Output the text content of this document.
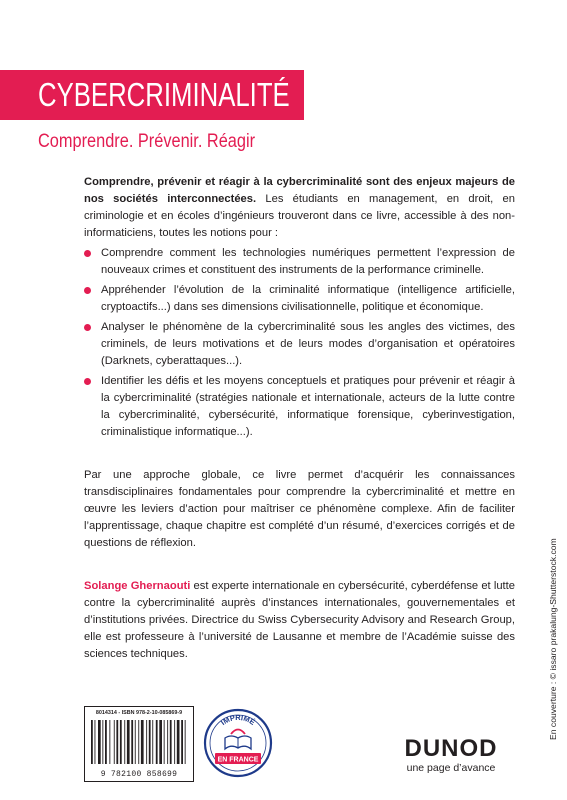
CYBERCRIMINALITÉ
Comprendre. Prévenir. Réagir

Comprendre, prévenir et réagir à la cybercriminalité sont des enjeux majeurs de nos sociétés interconnectées. Les étudiants en management, en droit, en criminologie et en écoles d’ingénieurs trouveront dans ce livre, accessible à des non-informaticiens, toutes les notions pour :

Comprendre comment les technologies numériques permettent l’expression de nouveaux crimes et constituent des instruments de la performance criminelle.
Appréhender l’évolution de la criminalité informatique (intelligence artificielle, cryptoactifs...) dans ses dimensions civilisationnelle, politique et économique.
Analyser le phénomène de la cybercriminalité sous les angles des victimes, des criminels, de leurs motivations et de leurs modes d’organisation et opératoires (Darknets, cyberattaques...).
Identifier les défis et les moyens conceptuels et pratiques pour prévenir et réagir à la cybercriminalité (stratégies nationale et internationale, acteurs de la lutte contre la cybercriminalité, cybersécurité, informatique forensique, cyberinvestigation, criminalistique informatique...).

Par une approche globale, ce livre permet d’acquérir les connaissances transdisciplinaires fondamentales pour comprendre la cybercriminalité et mettre en œuvre les leviers d’action pour maîtriser ce phénomène complexe. Afin de faciliter l’apprentissage, chaque chapitre est complété d’un résumé, d’exercices corrigés et de questions de réflexion.

Solange Ghernaouti est experte internationale en cybersécurité, cyberdéfense et lutte contre la cybercriminalité auprès d’instances internationales, gouvernementales et d’institutions privées. Directrice du Swiss Cybersecurity Advisory and Research Group, elle est professeure à l’université de Lausanne et membre de l’Académie suisse des sciences techniques.

8014314 - ISBN 978-2-10-085869-9
9 782100 858699
IMPRIMÉ
EN FRANCE	DUNOD
une page d’avance
En couverture : © issaro prakalung-Shutterstock.com
